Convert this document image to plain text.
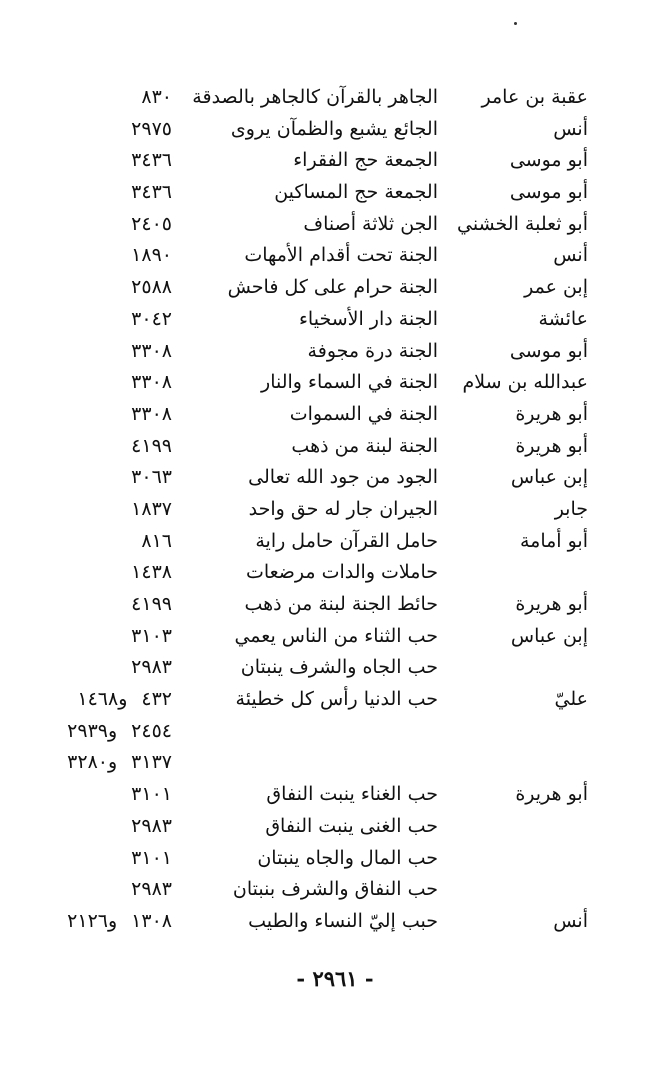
عقبة بن عامر
الجاهر بالقرآن كالجاهر بالصدقة
٨٣٠
أنس
الجائع يشبع والظمآن يروى
٢٩٧٥
أبو موسى
الجمعة حج الفقراء
٣٤٣٦
أبو موسى
الجمعة حج المساكين
٣٤٣٦
أبو ثعلبة الخشني
الجن ثلاثة أصناف
٢٤٠٥
أنس
الجنة تحت أقدام الأمهات
١٨٩٠
إبن عمر
الجنة حرام على كل فاحش
٢٥٨٨
عائشة
الجنة دار الأسخياء
٣٠٤٢
أبو موسى
الجنة درة مجوفة
٣٣٠٨
عبدالله بن سلام
الجنة في السماء والنار
٣٣٠٨
أبو هريرة
الجنة في السموات
٣٣٠٨
أبو هريرة
الجنة لبنة من ذهب
٤١٩٩
إبن عباس
الجود من جود الله تعالى
٣٠٦٣
جابر
الجيران جار له حق واحد
١٨٣٧
أبو أمامة
حامل القرآن حامل راية
٨١٦
حاملات والدات مرضعات
١٤٣٨
أبو هريرة
حائط الجنة لبنة من ذهب
٤١٩٩
إبن عباس
حب الثناء من الناس يعمي
٣١٠٣
حب الجاه والشرف ينبتان
٢٩٨٣
عليّ
حب الدنيا رأس كل خطيئة
٤٣٢و١٤٦٨
٢٤٥٤و٢٩٣٩
٣١٣٧و٣٢٨٠
أبو هريرة
حب الغناء ينبت النفاق
٣١٠١
حب الغنى ينبت النفاق
٢٩٨٣
حب المال والجاه ينبتان
٣١٠١
حب النفاق والشرف بنبتان
٢٩٨٣
أنس
حبب إليّ النساء والطيب
١٣٠٨و٢١٢٦
- ٢٩٦١ -
